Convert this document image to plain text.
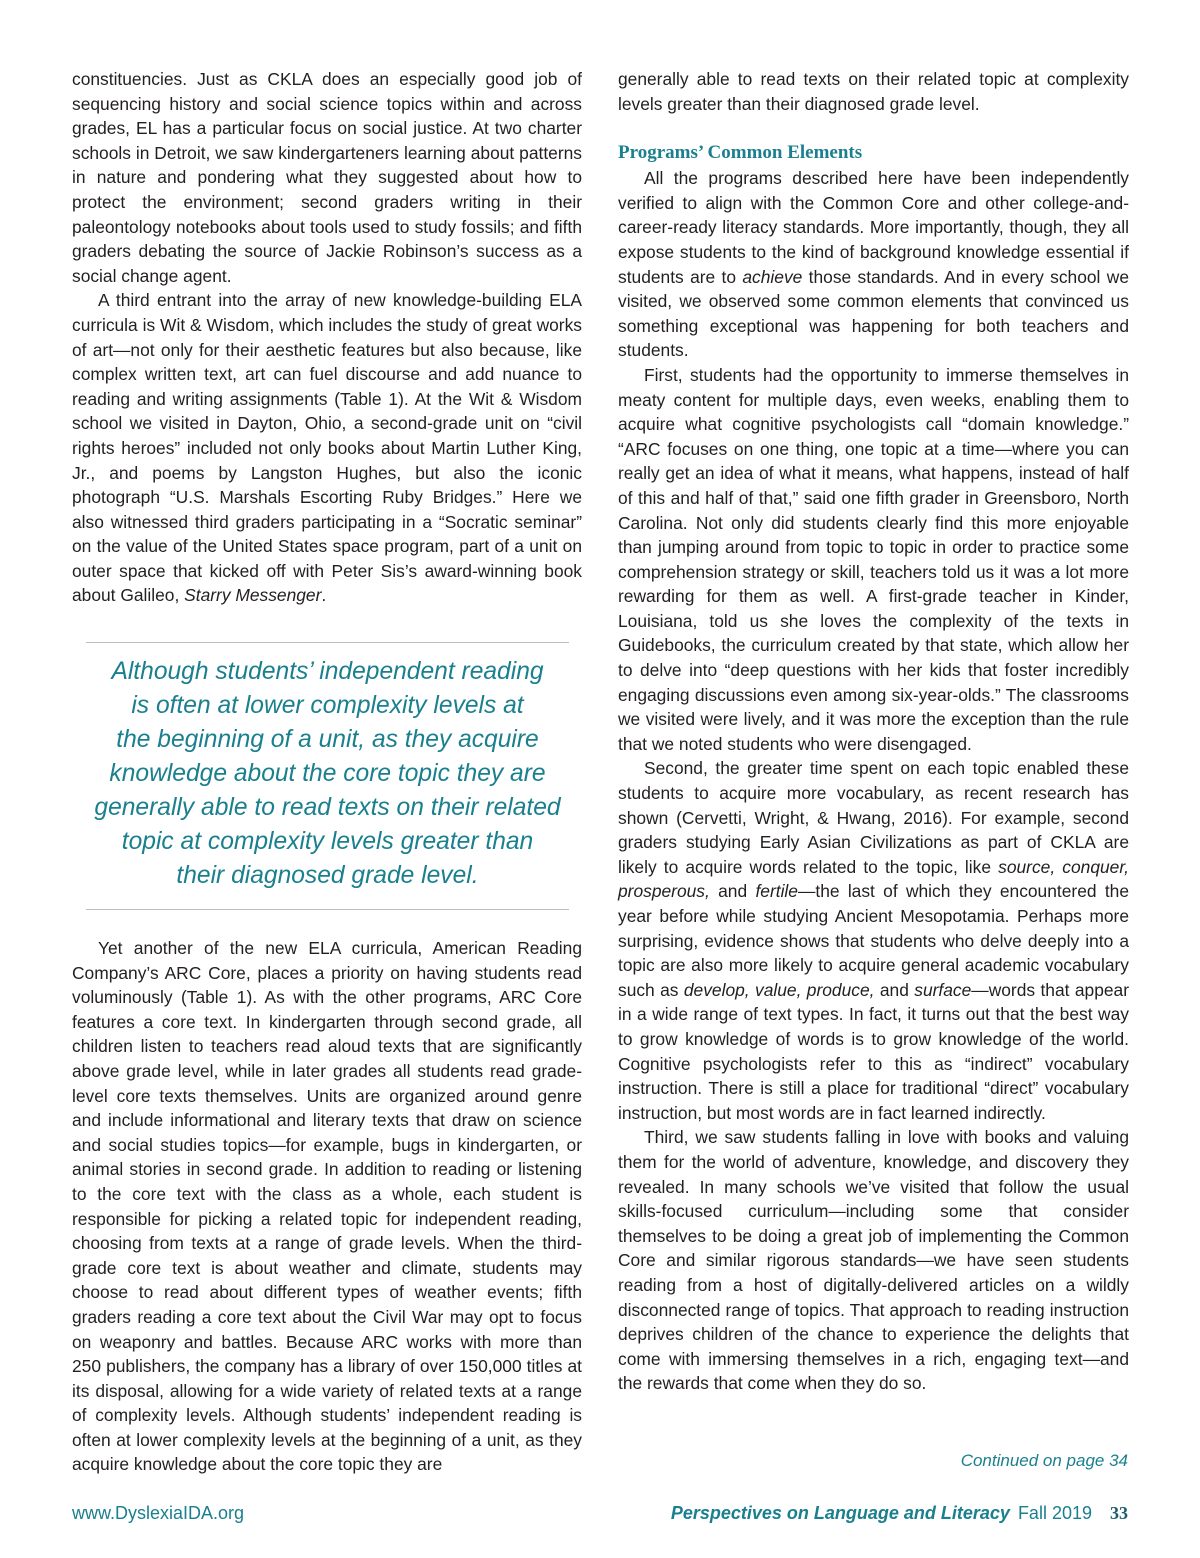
constituencies. Just as CKLA does an especially good job of sequencing history and social science topics within and across grades, EL has a particular focus on social justice. At two charter schools in Detroit, we saw kindergarteners learning about patterns in nature and pondering what they suggested about how to protect the environment; second graders writing in their paleontology notebooks about tools used to study fossils; and fifth graders debating the source of Jackie Robinson’s success as a social change agent.

A third entrant into the array of new knowledge-building ELA curricula is Wit & Wisdom, which includes the study of great works of art—not only for their aesthetic features but also because, like complex written text, art can fuel discourse and add nuance to reading and writing assignments (Table 1). At the Wit & Wisdom school we visited in Dayton, Ohio, a second-grade unit on “civil rights heroes” included not only books about Martin Luther King, Jr., and poems by Langston Hughes, but also the iconic photograph “U.S. Marshals Escorting Ruby Bridges.” Here we also witnessed third graders participating in a “Socratic seminar” on the value of the United States space program, part of a unit on outer space that kicked off with Peter Sis’s award-winning book about Galileo, Starry Messenger.

Although students’ independent reading
is often at lower complexity levels at
the beginning of a unit, as they acquire
knowledge about the core topic they are
generally able to read texts on their related
topic at complexity levels greater than
their diagnosed grade level.

Yet another of the new ELA curricula, American Reading Company’s ARC Core, places a priority on having students read voluminously (Table 1). As with the other programs, ARC Core features a core text. In kindergarten through second grade, all children listen to teachers read aloud texts that are significantly above grade level, while in later grades all students read grade-level core texts themselves. Units are organized around genre and include informational and literary texts that draw on science and social studies topics—for example, bugs in kindergarten, or animal stories in second grade. In addition to reading or listening to the core text with the class as a whole, each student is responsible for picking a related topic for independent reading, choosing from texts at a range of grade levels. When the third-grade core text is about weather and climate, students may choose to read about different types of weather events; fifth graders reading a core text about the Civil War may opt to focus on weaponry and battles. Because ARC works with more than 250 publishers, the company has a library of over 150,000 titles at its disposal, allowing for a wide variety of related texts at a range of complexity levels. Although students’ independent reading is often at lower complexity levels at the beginning of a unit, as they acquire knowledge about the core topic they are

generally able to read texts on their related topic at complexity levels greater than their diagnosed grade level.

Programs’ Common Elements

All the programs described here have been independently verified to align with the Common Core and other college-and-career-ready literacy standards. More importantly, though, they all expose students to the kind of background knowledge essential if students are to achieve those standards. And in every school we visited, we observed some common elements that convinced us something exceptional was happening for both teachers and students.

First, students had the opportunity to immerse themselves in meaty content for multiple days, even weeks, enabling them to acquire what cognitive psychologists call “domain knowledge.” “ARC focuses on one thing, one topic at a time—where you can really get an idea of what it means, what happens, instead of half of this and half of that,” said one fifth grader in Greensboro, North Carolina. Not only did students clearly find this more enjoyable than jumping around from topic to topic in order to practice some comprehension strategy or skill, teachers told us it was a lot more rewarding for them as well. A first-grade teacher in Kinder, Louisiana, told us she loves the complexity of the texts in Guidebooks, the curriculum created by that state, which allow her to delve into “deep questions with her kids that foster incredibly engaging discussions even among six-year-olds.” The classrooms we visited were lively, and it was more the exception than the rule that we noted students who were disengaged.

Second, the greater time spent on each topic enabled these students to acquire more vocabulary, as recent research has shown (Cervetti, Wright, & Hwang, 2016). For example, second graders studying Early Asian Civilizations as part of CKLA are likely to acquire words related to the topic, like source, conquer, prosperous, and fertile—the last of which they encountered the year before while studying Ancient Mesopotamia. Perhaps more surprising, evidence shows that students who delve deeply into a topic are also more likely to acquire general academic vocabulary such as develop, value, produce, and surface—words that appear in a wide range of text types. In fact, it turns out that the best way to grow knowledge of words is to grow knowledge of the world. Cognitive psychologists refer to this as “indirect” vocabulary instruction. There is still a place for traditional “direct” vocabulary instruction, but most words are in fact learned indirectly.

Third, we saw students falling in love with books and valuing them for the world of adventure, knowledge, and discovery they revealed. In many schools we’ve visited that follow the usual skills-focused curriculum—including some that consider themselves to be doing a great job of implementing the Common Core and similar rigorous standards—we have seen students reading from a host of digitally-delivered articles on a wildly disconnected range of topics. That approach to reading instruction deprives children of the chance to experience the delights that come with immersing themselves in a rich, engaging text—and the rewards that come when they do so.

Continued on page 34
www.DyslexiaIDA.org	Perspectives on Language and Literacy Fall 2019 33
